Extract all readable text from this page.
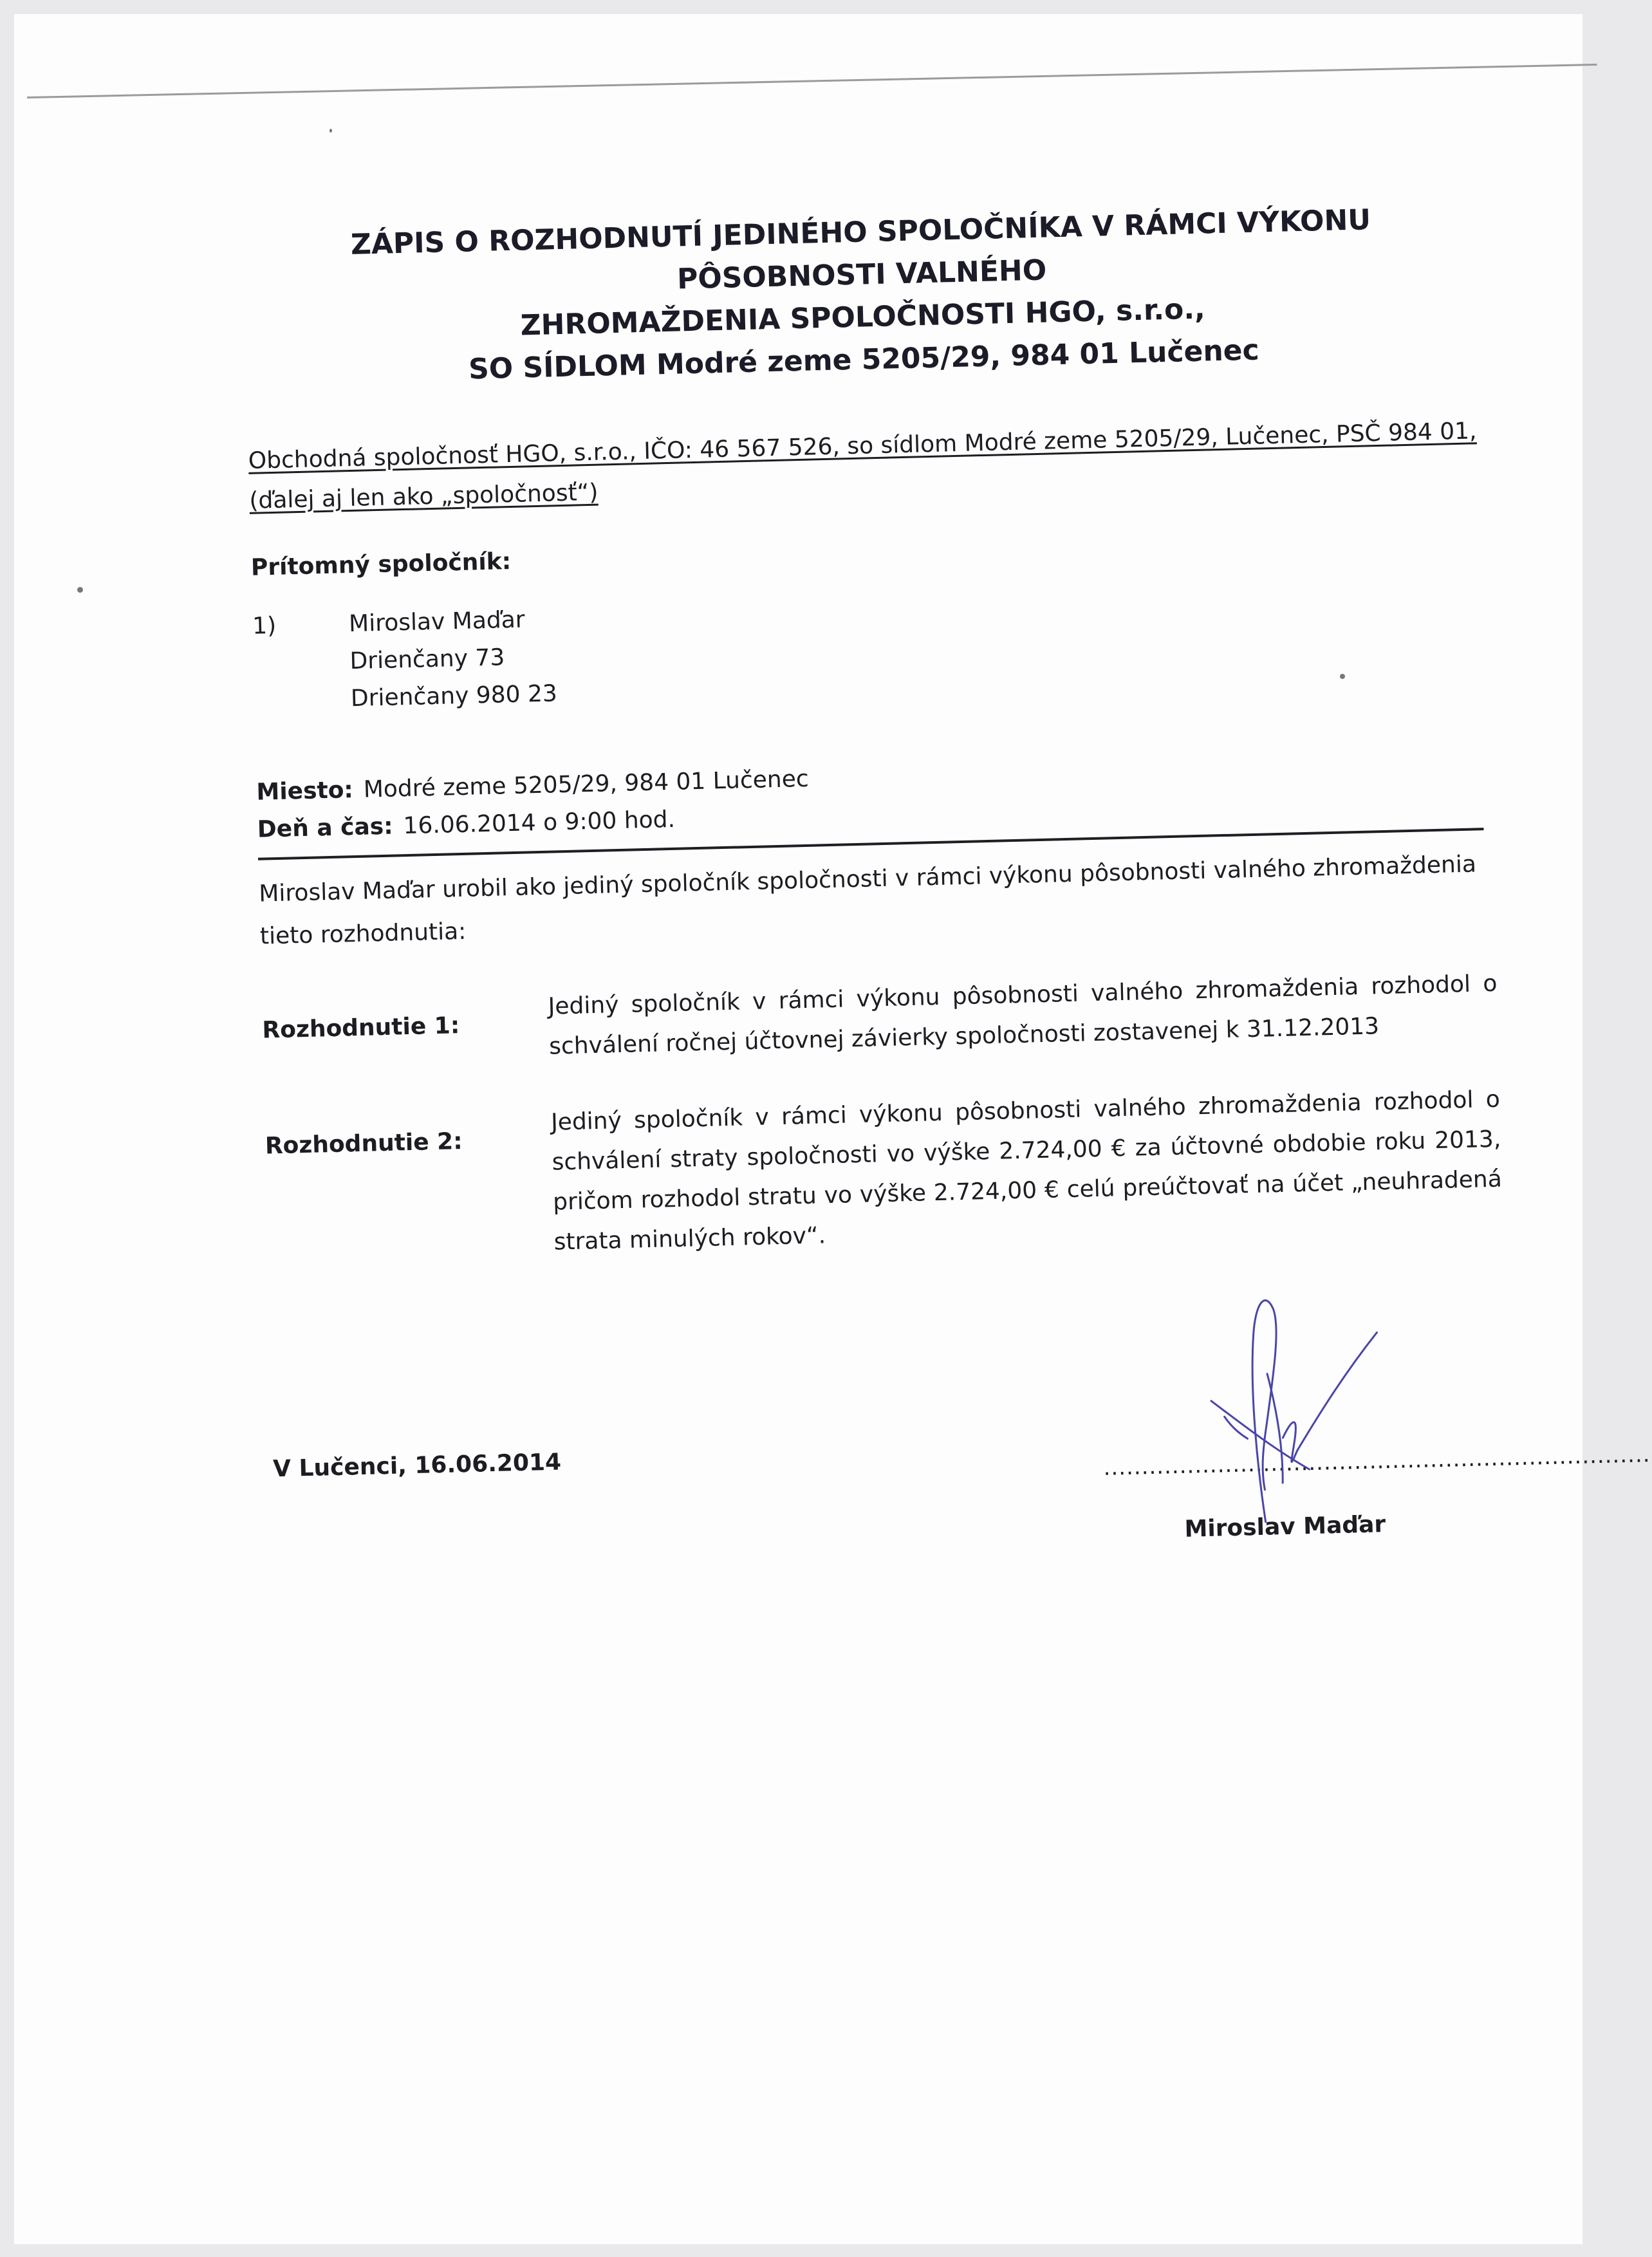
ZÁPIS O ROZHODNUTÍ JEDINÉHO SPOLOČNÍKA V RÁMCI VÝKONU PÔSOBNOSTI VALNÉHO
ZHROMAŽDENIA SPOLOČNOSTI HGO, s.r.o.,
SO SÍDLOM Modré zeme 5205/29, 984 01 Lučenec
Obchodná spoločnosť HGO, s.r.o., IČO: 46 567 526, so sídlom Modré zeme 5205/29, Lučenec, PSČ 984 01, (ďalej aj len ako „spoločnosť“)
Prítomný spoločník:
1)	Miroslav Maďar
Drienčany 73
Drienčany 980 23
Miesto: Modré zeme 5205/29, 984 01 Lučenec
Deň a čas: 16.06.2014 o 9:00 hod.
Miroslav Maďar urobil ako jediný spoločník spoločnosti v rámci výkonu pôsobnosti valného zhromaždenia tieto rozhodnutia:
Rozhodnutie 1:
Jediný spoločník v rámci výkonu pôsobnosti valného zhromaždenia rozhodol o schválení ročnej účtovnej závierky spoločnosti zostavenej k 31.12.2013
Rozhodnutie 2:
Jediný spoločník v rámci výkonu pôsobnosti valného zhromaždenia rozhodol o schválení straty spoločnosti vo výške 2.724,00 € za účtovné obdobie roku 2013, pričom rozhodol stratu vo výške 2.724,00 € celú preúčtovať na účet „neuhradená strata minulých rokov“.
V Lučenci, 16.06.2014	........................................................................
Miroslav Maďar
